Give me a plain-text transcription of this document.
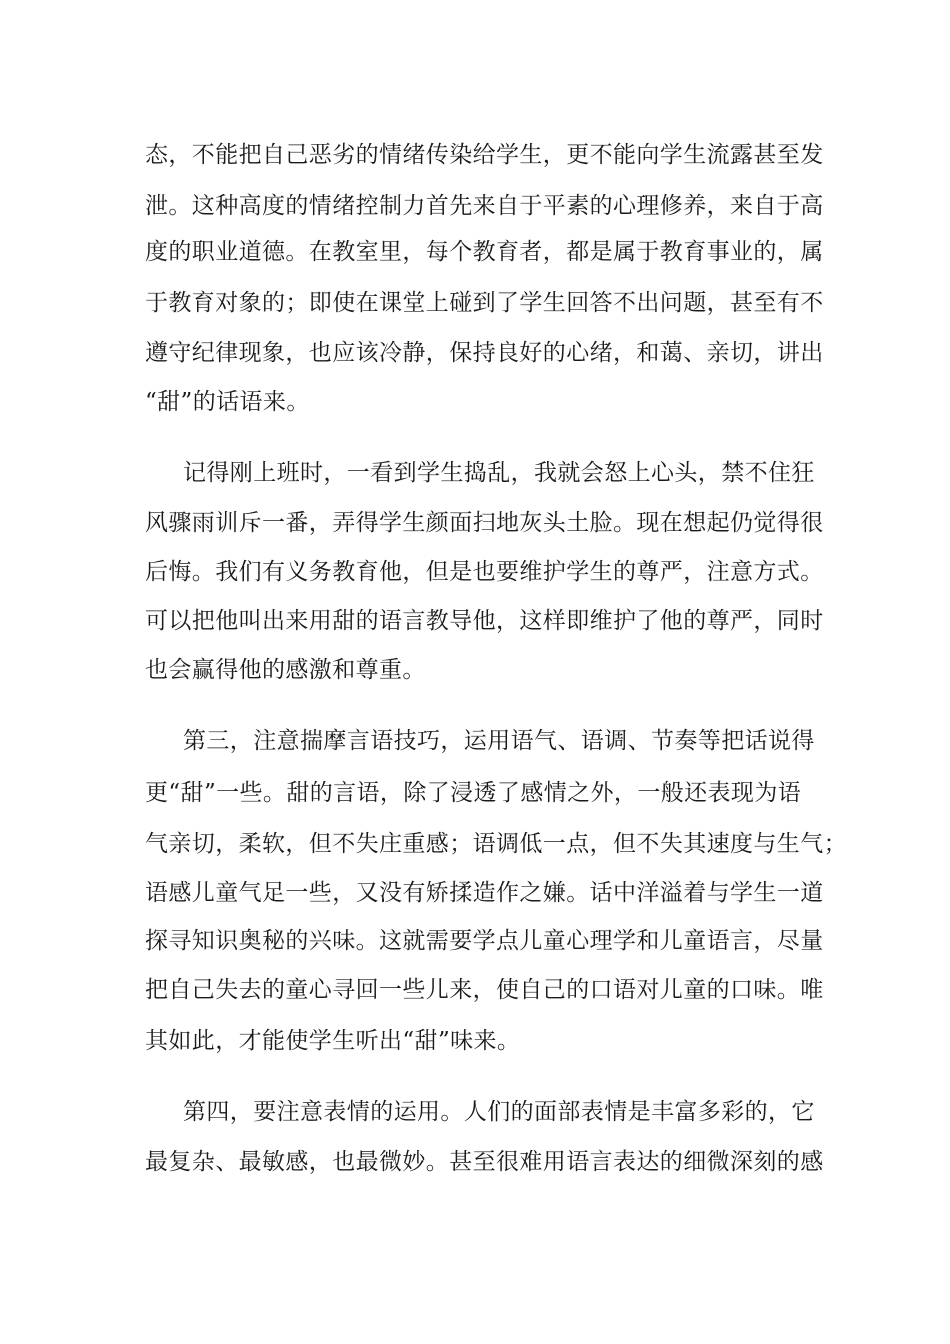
态，不能把自己恶劣的情绪传染给学生，更不能向学生流露甚至发
泄。这种高度的情绪控制力首先来自于平素的心理修养，来自于高
度的职业道德。在教室里，每个教育者，都是属于教育事业的，属
于教育对象的；即使在课堂上碰到了学生回答不出问题，甚至有不
遵守纪律现象，也应该冷静，保持良好的心绪，和蔼、亲切，讲出
“甜”的话语来。
记得刚上班时，一看到学生捣乱，我就会怒上心头，禁不住狂
风骤雨训斥一番，弄得学生颜面扫地灰头土脸。现在想起仍觉得很
后悔。我们有义务教育他，但是也要维护学生的尊严，注意方式。
可以把他叫出来用甜的语言教导他，这样即维护了他的尊严，同时
也会赢得他的感激和尊重。
第三，注意揣摩言语技巧，运用语气、语调、节奏等把话说得
更“甜”一些。甜的言语，除了浸透了感情之外，一般还表现为语
气亲切，柔软，但不失庄重感；语调低一点，但不失其速度与生气；
语感儿童气足一些，又没有矫揉造作之嫌。话中洋溢着与学生一道
探寻知识奥秘的兴味。这就需要学点儿童心理学和儿童语言，尽量
把自己失去的童心寻回一些儿来，使自己的口语对儿童的口味。唯
其如此，才能使学生听出“甜”味来。
第四，要注意表情的运用。人们的面部表情是丰富多彩的，它
最复杂、最敏感，也最微妙。甚至很难用语言表达的细微深刻的感
